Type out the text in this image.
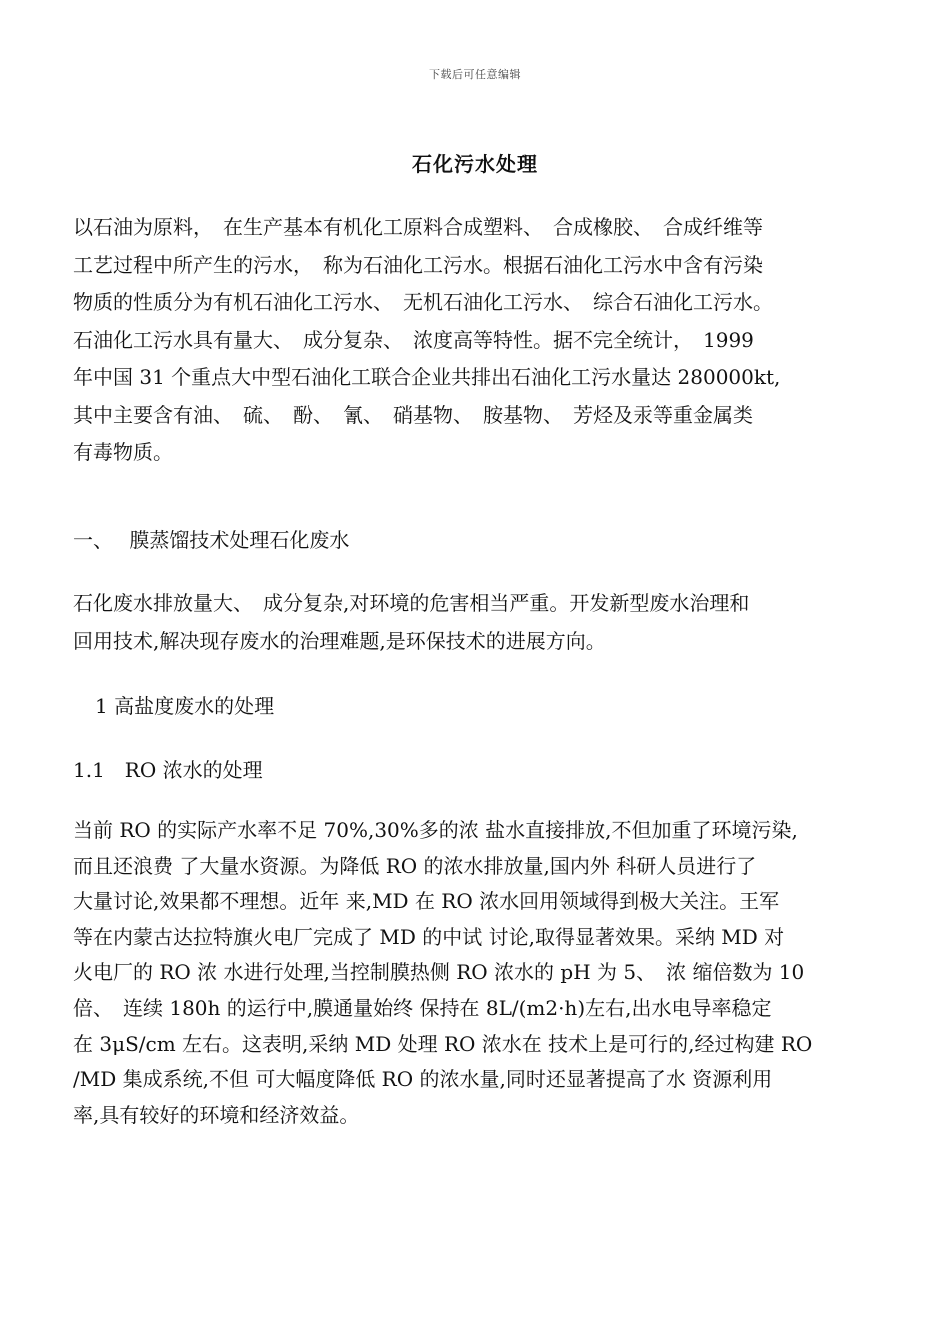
下载后可任意编辑
石化污水处理
以石油为原料，　在生产基本有机化工原料合成塑料、　合成橡胶、　合成纤维等
工艺过程中所产生的污水，　称为石油化工污水。根据石油化工污水中含有污染
物质的性质分为有机石油化工污水、　无机石油化工污水、　综合石油化工污水。
石油化工污水具有量大、　成分复杂、　浓度高等特性。据不完全统计，　1999
年中国 31 个重点大中型石油化工联合企业共排出石油化工污水量达 280000kt,
其中主要含有油、　硫、　酚、　氰、　硝基物、　胺基物、　芳烃及汞等重金属类
有毒物质。
一、　 膜蒸馏技术处理石化废水
石化废水排放量大、　成分复杂,对环境的危害相当严重。开发新型废水治理和
回用技术,解决现存废水的治理难题,是环保技术的进展方向。
1 高盐度废水的处理
1.1　RO 浓水的处理
当前 RO 的实际产水率不足 70%,30%多的浓 盐水直接排放,不但加重了环境污染,
而且还浪费 了大量水资源。为降低 RO 的浓水排放量,国内外 科研人员进行了
大量讨论,效果都不理想。近年 来,MD 在 RO 浓水回用领域得到极大关注。王军
等在内蒙古达拉特旗火电厂完成了 MD 的中试 讨论,取得显著效果。采纳 MD 对
火电厂的 RO 浓 水进行处理,当控制膜热侧 RO 浓水的 pH 为 5、　浓 缩倍数为 10
倍、　连续 180h 的运行中,膜通量始终 保持在 8L/(m2·h)左右,出水电导率稳定
在 3μS/cm 左右。这表明,采纳 MD 处理 RO 浓水在 技术上是可行的,经过构建 RO
/MD 集成系统,不但 可大幅度降低 RO 的浓水量,同时还显著提高了水 资源利用
率,具有较好的环境和经济效益。
